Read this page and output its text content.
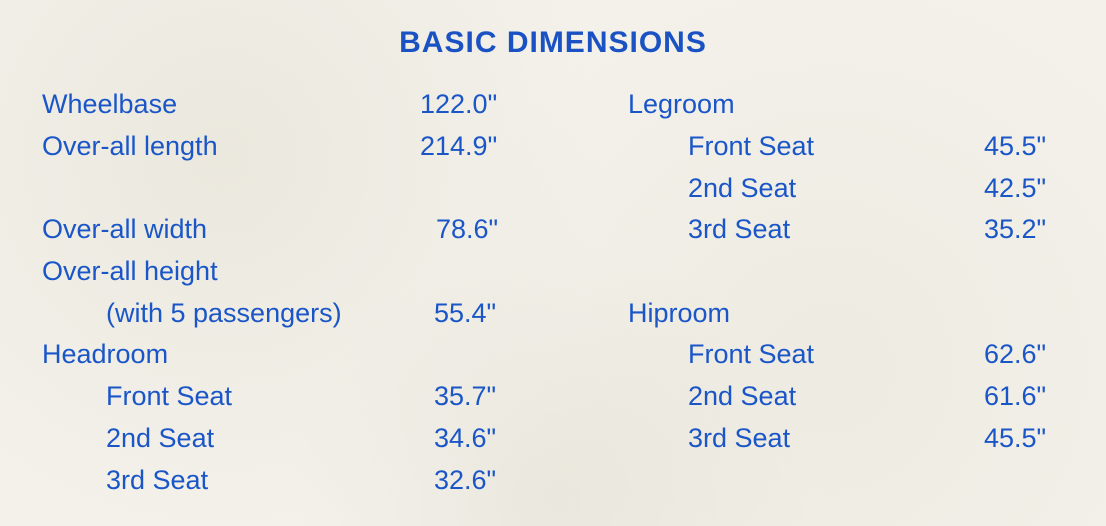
BASIC DIMENSIONS
Wheelbase	122.0"
Over-all length	214.9"
Over-all width	78.6"
Over-all height
(with 5 passengers)	55.4"
Headroom
Front Seat	35.7"
2nd Seat	34.6"
3rd Seat	32.6"
Legroom
Front Seat	45.5"
2nd Seat	42.5"
3rd Seat	35.2"
Hiproom
Front Seat	62.6"
2nd Seat	61.6"
3rd Seat	45.5"
